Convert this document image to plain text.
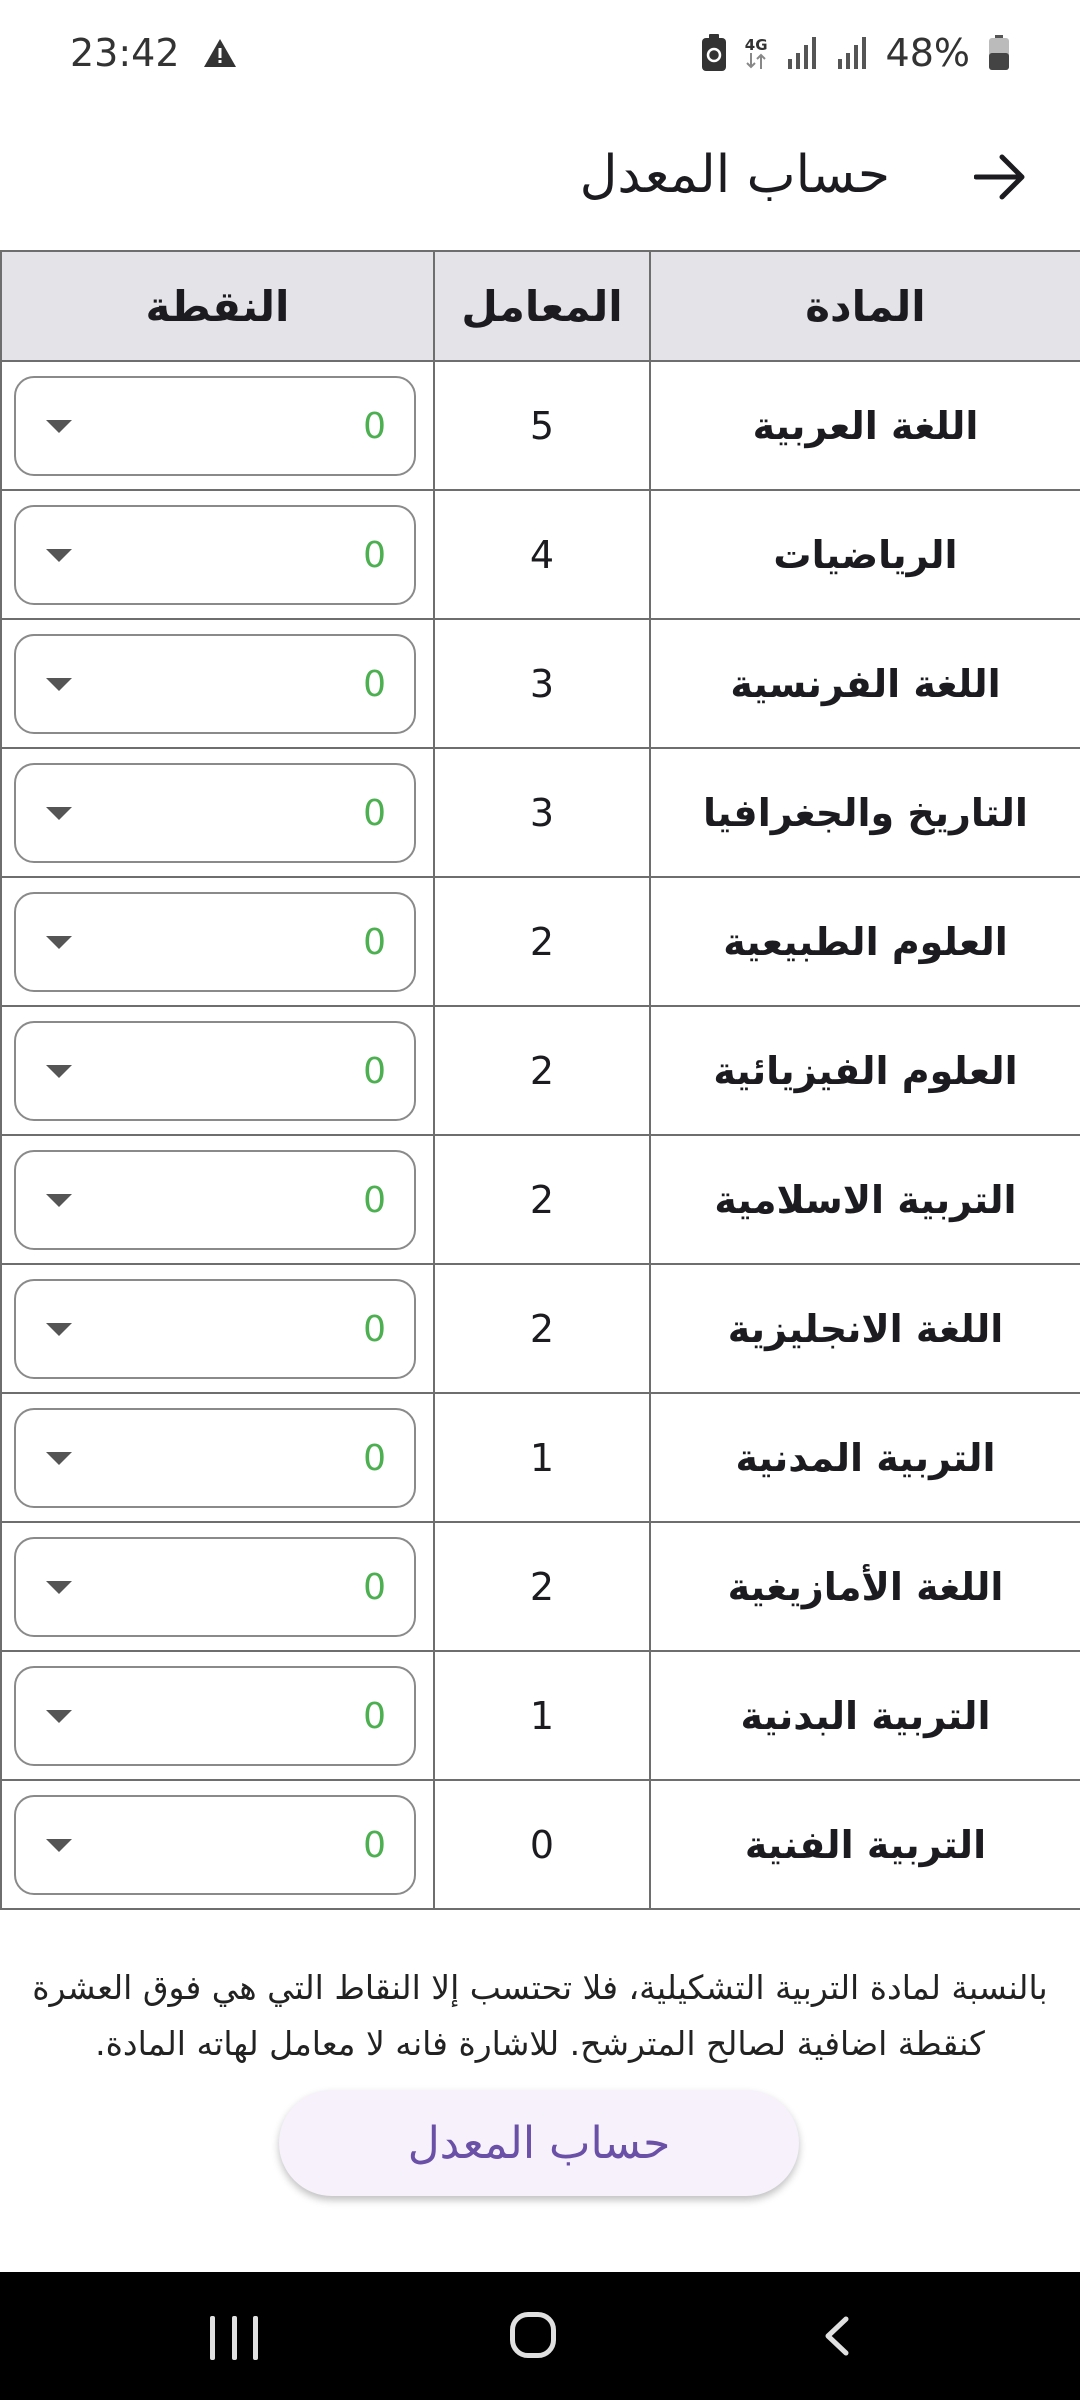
23:42	4G	48%
حساب المعدل
المادة	المعامل	النقطة
اللغة العربية	5	0

الرياضيات	4	0

اللغة الفرنسية	3	0

التاريخ والجغرافيا	3	0

العلوم الطبيعية	2	0

العلوم الفيزيائية	2	0

التربية الاسلامية	2	0

اللغة الانجليزية	2	0

التربية المدنية	1	0

اللغة الأمازيغية	2	0

التربية البدنية	1	0

التربية الفنية	0	0
بالنسبة لمادة التربية التشكيلية، فلا تحتسب إلا النقاط التي هي فوق العشرة كنقطة اضافية لصالح المترشح. للاشارة فانه لا معامل لهاته المادة.
حساب المعدل
